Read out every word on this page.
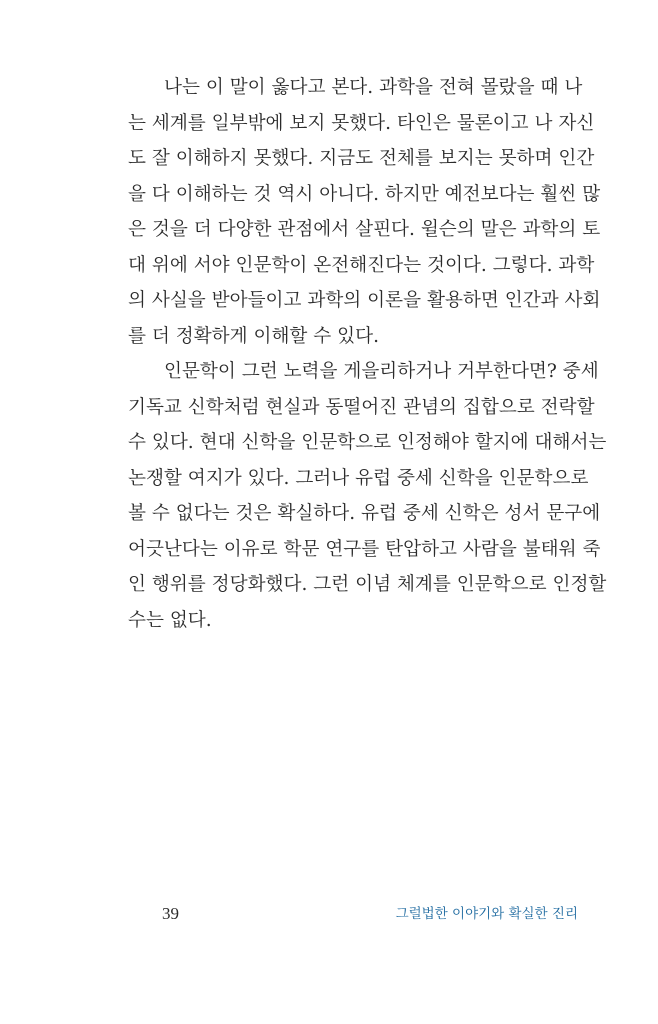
나는 이 말이 옳다고 본다. 과학을 전혀 몰랐을 때 나
는 세계를 일부밖에 보지 못했다. 타인은 물론이고 나 자신
도 잘 이해하지 못했다. 지금도 전체를 보지는 못하며 인간
을 다 이해하는 것 역시 아니다. 하지만 예전보다는 훨씬 많
은 것을 더 다양한 관점에서 살핀다. 윌슨의 말은 과학의 토
대 위에 서야 인문학이 온전해진다는 것이다. 그렇다. 과학
의 사실을 받아들이고 과학의 이론을 활용하면 인간과 사회
를 더 정확하게 이해할 수 있다.
인문학이 그런 노력을 게을리하거나 거부한다면? 중세
기독교 신학처럼 현실과 동떨어진 관념의 집합으로 전락할
수 있다. 현대 신학을 인문학으로 인정해야 할지에 대해서는
논쟁할 여지가 있다. 그러나 유럽 중세 신학을 인문학으로
볼 수 없다는 것은 확실하다. 유럽 중세 신학은 성서 문구에
어긋난다는 이유로 학문 연구를 탄압하고 사람을 불태워 죽
인 행위를 정당화했다. 그런 이념 체계를 인문학으로 인정할
수는 없다.
39	그럴법한 이야기와 확실한 진리
